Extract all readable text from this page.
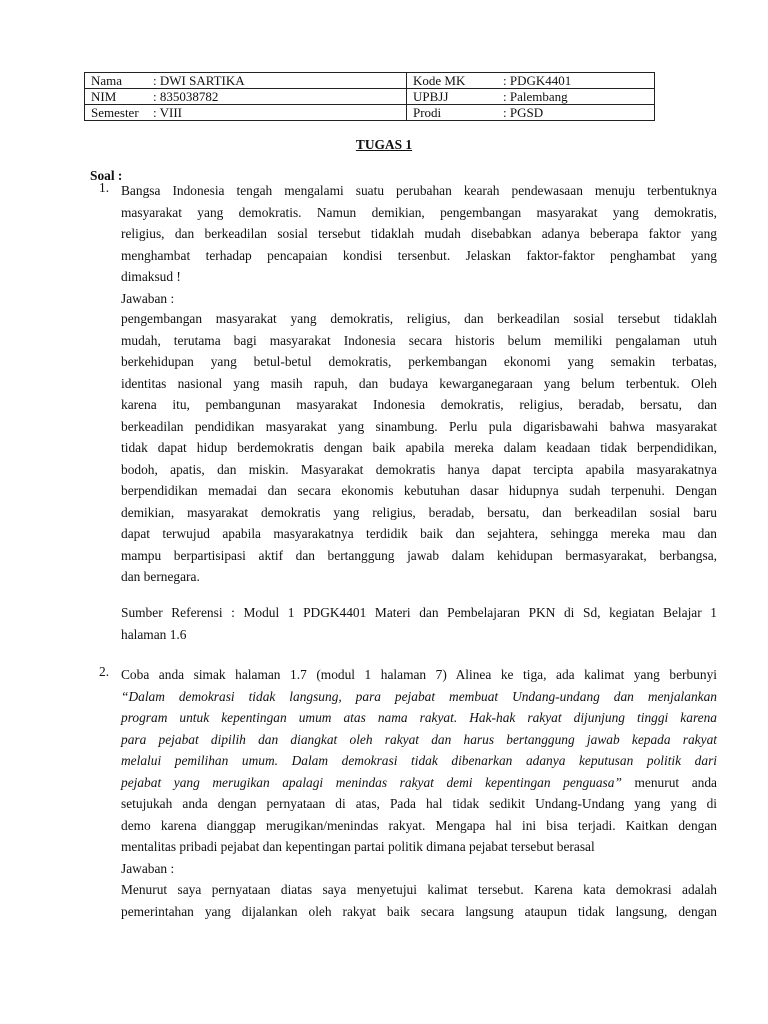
Nama : DWI SARTIKA	Kode MK : PDGK4401
NIM : 835038782	UPBJJ : Palembang
Semester : VIII	Prodi : PGSD
TUGAS 1
Soal :
1. Bangsa Indonesia tengah mengalami suatu perubahan kearah pendewasaan menuju terbentuknya

masyarakat yang demokratis. Namun demikian, pengembangan masyarakat yang demokratis,

religius, dan berkeadilan sosial tersebut tidaklah mudah disebabkan adanya beberapa faktor yang

menghambat terhadap pencapaian kondisi tersenbut. Jelaskan faktor-faktor penghambat yang

dimaksud !

Jawaban :

pengembangan masyarakat yang demokratis, religius, dan berkeadilan sosial tersebut tidaklah

mudah, terutama bagi masyarakat Indonesia secara historis belum memiliki pengalaman utuh

berkehidupan yang betul-betul demokratis, perkembangan ekonomi yang semakin terbatas,

identitas nasional yang masih rapuh, dan budaya kewarganegaraan yang belum terbentuk. Oleh

karena itu, pembangunan masyarakat Indonesia demokratis, religius, beradab, bersatu, dan

berkeadilan pendidikan masyarakat yang sinambung. Perlu pula digarisbawahi bahwa masyarakat

tidak dapat hidup berdemokratis dengan baik apabila mereka dalam keadaan tidak berpendidikan,

bodoh, apatis, dan miskin. Masyarakat demokratis hanya dapat tercipta apabila masyarakatnya

berpendidikan memadai dan secara ekonomis kebutuhan dasar hidupnya sudah terpenuhi. Dengan

demikian, masyarakat demokratis yang religius, beradab, bersatu, dan berkeadilan sosial baru

dapat terwujud apabila masyarakatnya terdidik baik dan sejahtera, sehingga mereka mau dan

mampu berpartisipasi aktif dan bertanggung jawab dalam kehidupan bermasyarakat, berbangsa,

dan bernegara.

Sumber Referensi : Modul 1 PDGK4401 Materi dan Pembelajaran PKN di Sd, kegiatan Belajar 1

halaman 1.6

2. Coba anda simak halaman 1.7 (modul 1 halaman 7) Alinea ke tiga, ada kalimat yang berbunyi

“Dalam demokrasi tidak langsung, para pejabat membuat Undang-undang dan menjalankan

program untuk kepentingan umum atas nama rakyat. Hak-hak rakyat dijunjung tinggi karena

para pejabat dipilih dan diangkat oleh rakyat dan harus bertanggung jawab kepada rakyat

melalui pemilihan umum. Dalam demokrasi tidak dibenarkan adanya keputusan politik dari

pejabat yang merugikan apalagi menindas rakyat demi kepentingan penguasa” menurut anda

setujukah anda dengan pernyataan di atas, Pada hal tidak sedikit Undang-Undang yang yang di

demo karena dianggap merugikan/menindas rakyat. Mengapa hal ini bisa terjadi. Kaitkan dengan

mentalitas pribadi pejabat dan kepentingan partai politik dimana pejabat tersebut berasal

Jawaban :

Menurut saya pernyataan diatas saya menyetujui kalimat tersebut. Karena kata demokrasi adalah

pemerintahan yang dijalankan oleh rakyat baik secara langsung ataupun tidak langsung, dengan
